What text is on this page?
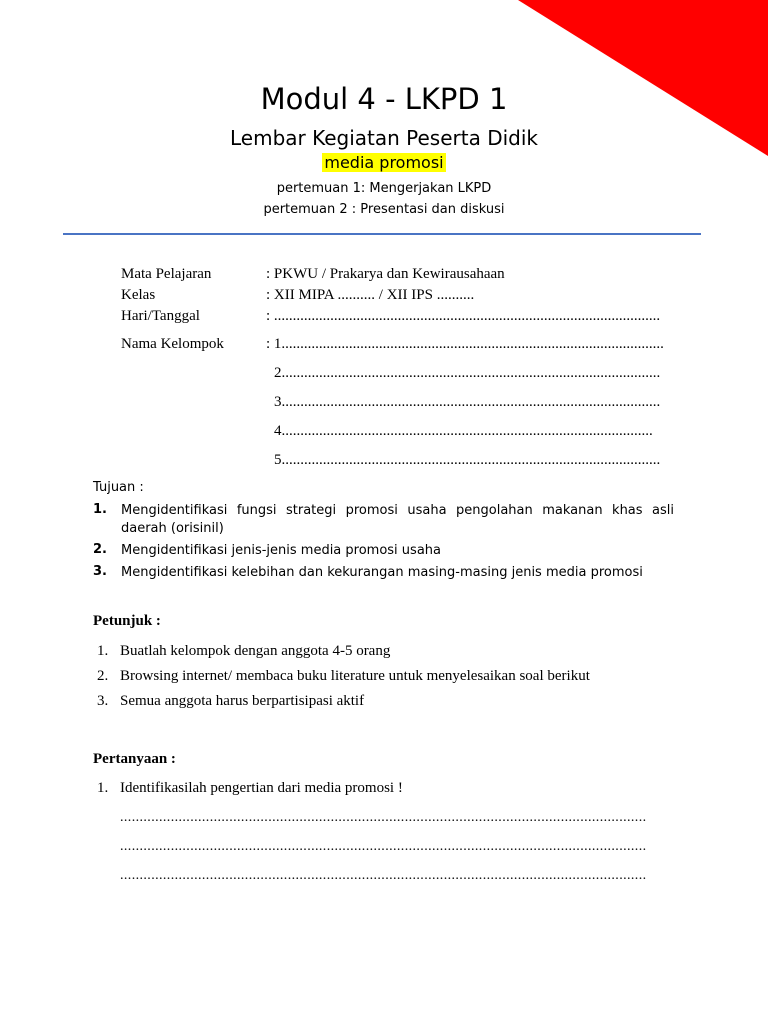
Modul 4 - LKPD 1
Lembar Kegiatan Peserta Didik
media promosi
pertemuan 1: Mengerjakan LKPD
pertemuan 2 : Presentasi dan diskusi
Mata Pelajaran	: PKWU / Prakarya dan Kewirausahaan
Kelas	: XII MIPA .......... / XII IPS ..........
Hari/Tanggal	: .......................................................................................................
Nama Kelompok	: 1......................................................................................................
2.....................................................................................................
3.....................................................................................................
4...................................................................................................
5.....................................................................................................
Tujuan :
1. Mengidentifikasi fungsi strategi promosi usaha pengolahan makanan khas asli daerah (orisinil)
2. Mengidentifikasi jenis-jenis media promosi usaha
3. Mengidentifikasi kelebihan dan kekurangan masing-masing jenis media promosi
Petunjuk :
1. Buatlah kelompok dengan anggota 4-5 orang
2. Browsing internet/ membaca buku literature untuk menyelesaikan soal berikut
3. Semua anggota harus berpartisipasi aktif
Pertanyaan :
1. Identifikasilah pengertian dari media promosi !
.......................................................................................................................................
.......................................................................................................................................
.......................................................................................................................................
